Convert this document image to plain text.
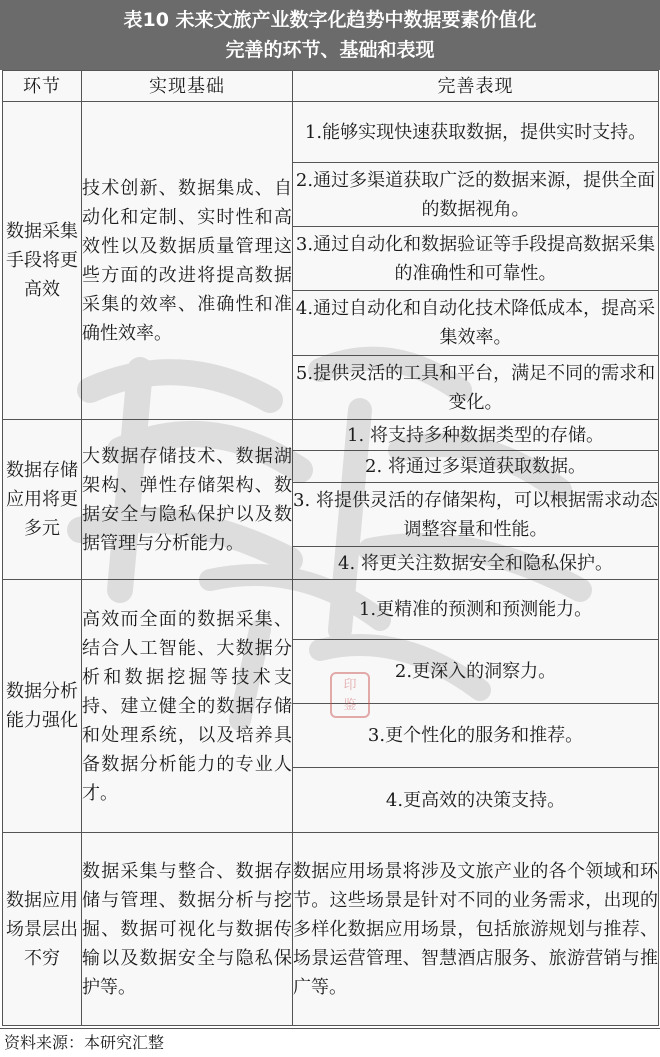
表10 未来文旅产业数字化趋势中数据要素价值化
完善的环节、基础和表现
环节	实现基础	完善表现
数据采集手段将更高效	技术创新、数据集成、自动化和定制、实时性和高效性以及数据质量管理这些方面的改进将提高数据采集的效率、准确性和准确性效率。	1.能够实现快速获取数据，提供实时支持。
		2.通过多渠道获取广泛的数据来源，提供全面的数据视角。
		3.通过自动化和数据验证等手段提高数据采集的准确性和可靠性。
		4.通过自动化和自动化技术降低成本，提高采集效率。
		5.提供灵活的工具和平台，满足不同的需求和变化。
数据存储应用将更多元	大数据存储技术、数据湖架构、弹性存储架构、数据安全与隐私保护以及数据管理与分析能力。	1. 将支持多种数据类型的存储。
		2. 将通过多渠道获取数据。
		3. 将提供灵活的存储架构，可以根据需求动态调整容量和性能。
		4. 将更关注数据安全和隐私保护。
数据分析能力强化	高效而全面的数据采集、结合人工智能、大数据分析和数据挖掘等技术支持、建立健全的数据存储和处理系统，以及培养具备数据分析能力的专业人才。	1.更精准的预测和预测能力。
		2.更深入的洞察力。
		3.更个性化的服务和推荐。
		4.更高效的决策支持。
数据应用场景层出不穷	数据采集与整合、数据存储与管理、数据分析与挖掘、数据可视化与数据传输以及数据安全与隐私保护等。	数据应用场景将涉及文旅产业的各个领域和环节。这些场景是针对不同的业务需求，出现的多样化数据应用场景，包括旅游规划与推荐、场景运营管理、智慧酒店服务、旅游营销与推广等。
印
鉴
资料来源：本研究汇整
